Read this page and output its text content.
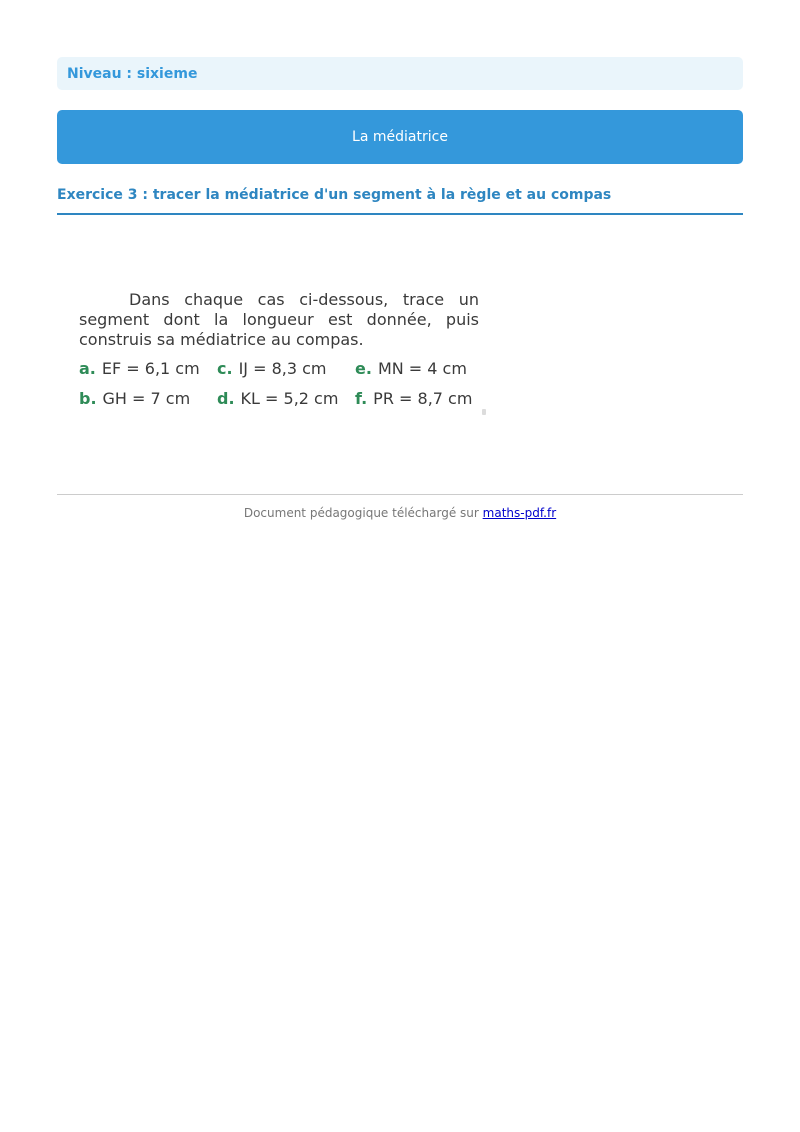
Niveau : sixieme
La médiatrice
Exercice 3 : tracer la médiatrice d'un segment à la règle et au compas
Dans chaque cas ci-dessous, trace un segment dont la longueur est donnée, puis construis sa médiatrice au compas.
a. EF = 6,1 cm
b. GH = 7 cm
c. IJ = 8,3 cm
d. KL = 5,2 cm
e. MN = 4 cm
f. PR = 8,7 cm
Document pédagogique téléchargé sur maths-pdf.fr
